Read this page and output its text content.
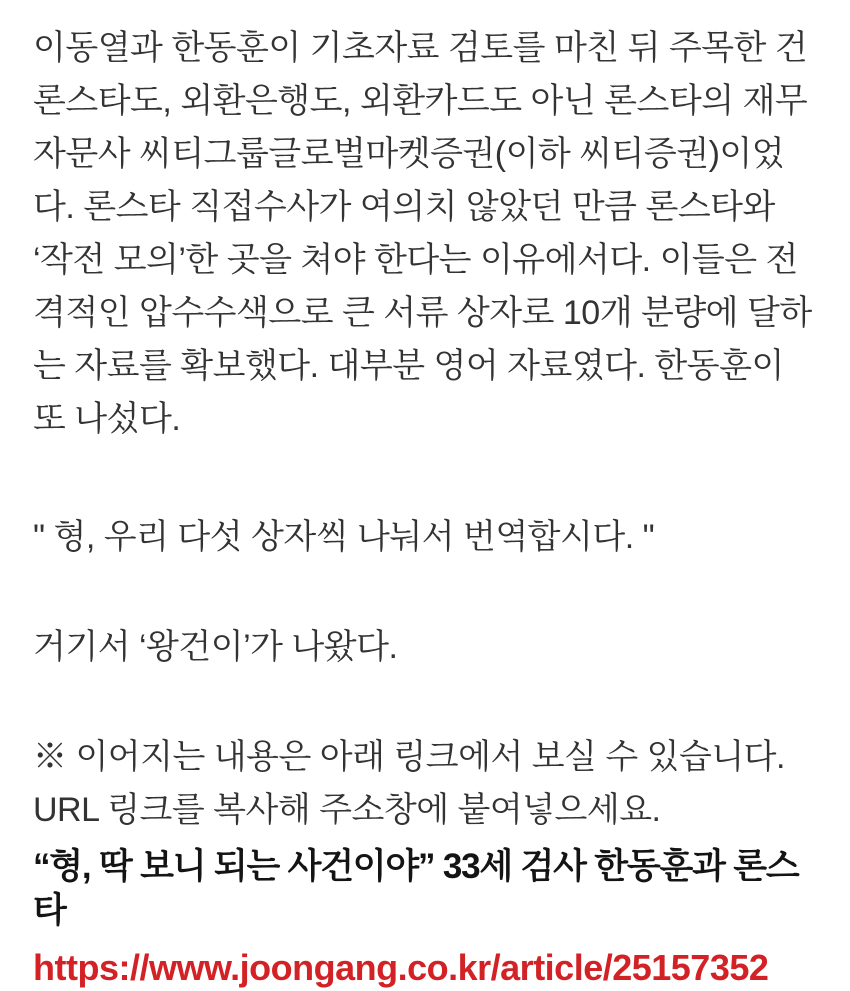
이동열과 한동훈이 기초자료 검토를 마친 뒤 주목한 건 론스타도, 외환은행도, 외환카드도 아닌 론스타의 재무자문사 씨티그룹글로벌마켓증권(이하 씨티증권)이었다. 론스타 직접수사가 여의치 않았던 만큼 론스타와 ‘작전 모의’한 곳을 쳐야 한다는 이유에서다. 이들은 전격적인 압수수색으로 큰 서류 상자로 10개 분량에 달하는 자료를 확보했다. 대부분 영어 자료였다. 한동훈이 또 나섰다.

" 형, 우리 다섯 상자씩 나눠서 번역합시다. "

거기서 ‘왕건이’가 나왔다.

※ 이어지는 내용은 아래 링크에서 보실 수 있습니다. URL 링크를 복사해 주소창에 붙여넣으세요.

“형, 딱 보니 되는 사건이야” 33세 검사 한동훈과 론스타

https://www.joongang.co.kr/article/25157352
